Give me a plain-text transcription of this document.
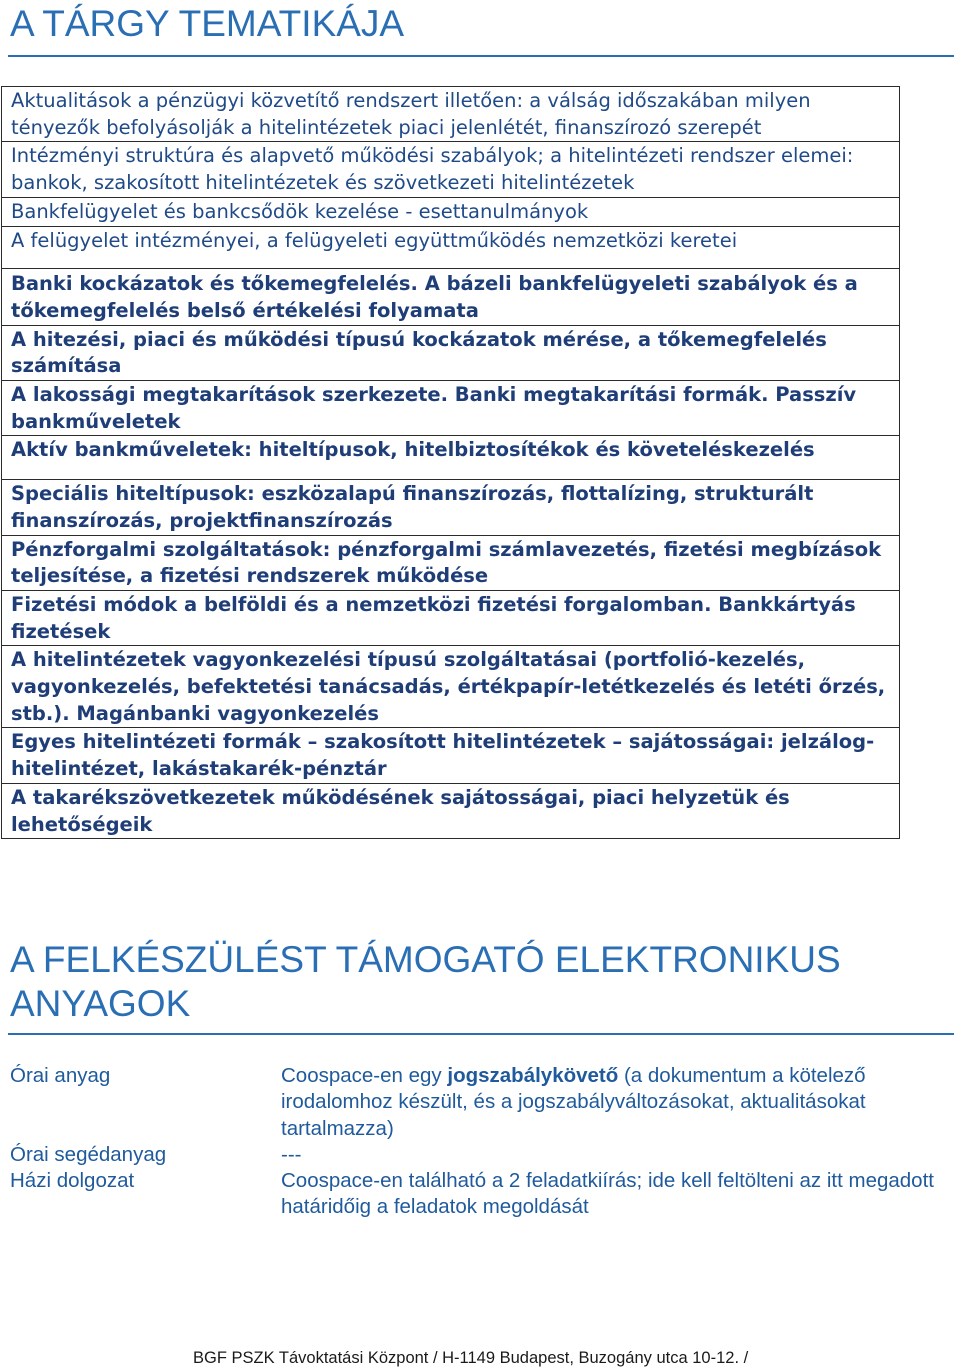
A TÁRGY TEMATIKÁJA
Aktualitások a pénzügyi közvetítő rendszert illetően: a válság időszakában milyen tényezők befolyásolják a hitelintézetek piaci jelenlétét, finanszírozó szerepét
Intézményi struktúra és alapvető működési szabályok; a hitelintézeti rendszer elemei: bankok, szakosított hitelintézetek és szövetkezeti hitelintézetek
Bankfelügyelet és bankcsődök kezelése - esettanulmányok
A felügyelet intézményei, a felügyeleti együttműködés nemzetközi keretei
Banki kockázatok és tőkemegfelelés. A bázeli bankfelügyeleti szabályok és a tőkemegfelelés belső értékelési folyamata
A hitezési, piaci és működési típusú kockázatok mérése, a tőkemegfelelés számítása
A lakossági megtakarítások szerkezete. Banki megtakarítási formák. Passzív bankműveletek
Aktív bankműveletek: hiteltípusok, hitelbiztosítékok és követeléskezelés
Speciális hiteltípusok: eszközalapú finanszírozás, flottalízing, strukturált finanszírozás, projektfinanszírozás
Pénzforgalmi szolgáltatások: pénzforgalmi számlavezetés, fizetési megbízások teljesítése, a fizetési rendszerek működése
Fizetési módok a belföldi és a nemzetközi fizetési forgalomban. Bankkártyás fizetések
A hitelintézetek vagyonkezelési típusú szolgáltatásai (portfolió-kezelés, vagyonkezelés, befektetési tanácsadás, értékpapír-letétkezelés és letéti őrzés, stb.). Magánbanki vagyonkezelés
Egyes hitelintézeti formák – szakosított hitelintézetek – sajátosságai: jelzálog-hitelintézet, lakástakarék-pénztár
A takarékszövetkezetek működésének sajátosságai, piaci helyzetük és lehetőségeik
A FELKÉSZÜLÉST TÁMOGATÓ ELEKTRONIKUS ANYAGOK
Órai anyag	Coospace-en egy jogszabálykövető (a dokumentum a kötelező irodalomhoz készült, és a jogszabályváltozásokat, aktualitásokat tartalmazza)
Órai segédanyag	---
Házi dolgozat	Coospace-en található a 2 feladatkiírás; ide kell feltölteni az itt megadott határidőig a feladatok megoldását

BGF PSZK Távoktatási Központ / H-1149 Budapest, Buzogány utca 10-12. /
